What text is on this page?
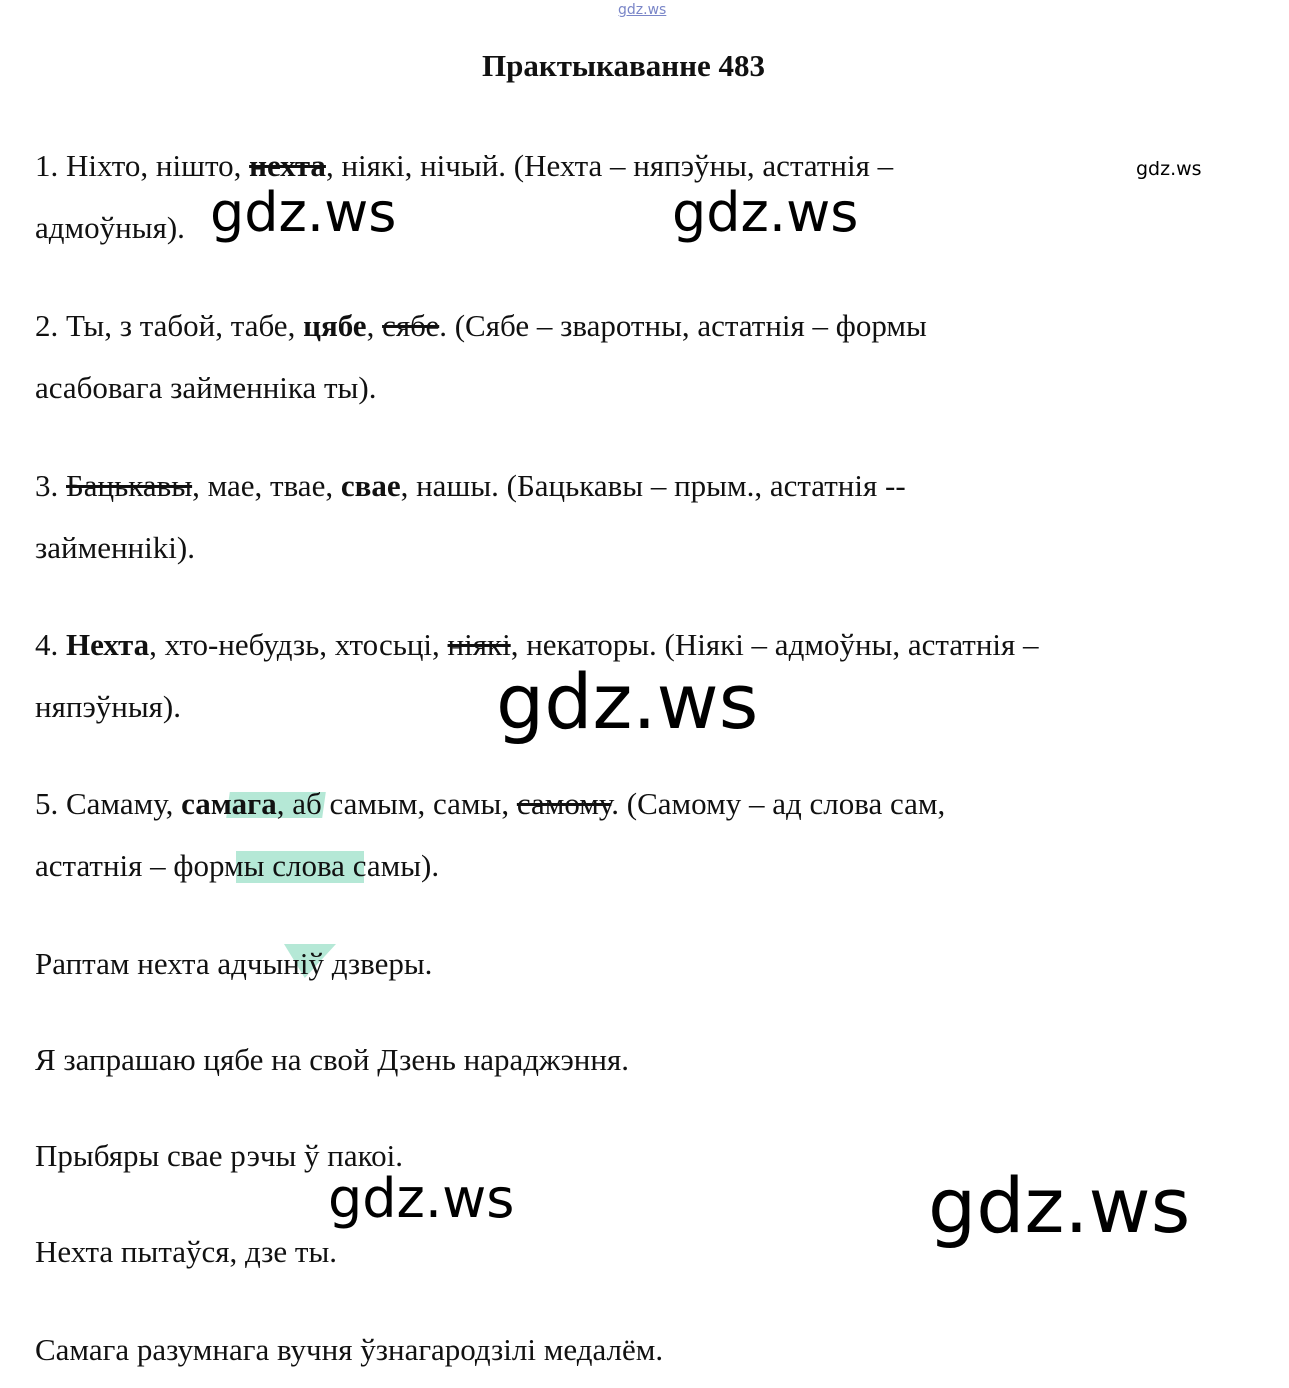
gdz.ws
Практыкаванне 483
1. Ніхто, нішто, нехта, ніякі, нічый. (Нехта – няпэўны, астатнія –
адмоўныя).
2. Ты, з табой, табе, цябе, сябе. (Сябе – зваротны, астатнія – формы
асабовага займенніка ты).
3. Бацькавы, мае, твае, свае, нашы. (Бацькавы – прым., астатнія --
займенніki).
4. Нехта, хто-небудзь, хтосьці, ніякі, некаторы. (Ніякі – адмоўны, астатнія –
няпэўныя).
5. Самаму, самага, аб самым, самы, самому. (Самому – ад слова сам,
астатнія – формы слова самы).
Раптам нехта адчыніў дзверы.
Я запрашаю цябе на свой Дзень нараджэння.
Прыбяры свае рэчы ў пакоі.
Нехта пытаўся, дзе ты.
Самага разумнага вучня ўзнагародзілі медалём.
gdz.ws
gdz.ws	gdz.ws
gdz.ws
gdz.ws	gdz.ws
